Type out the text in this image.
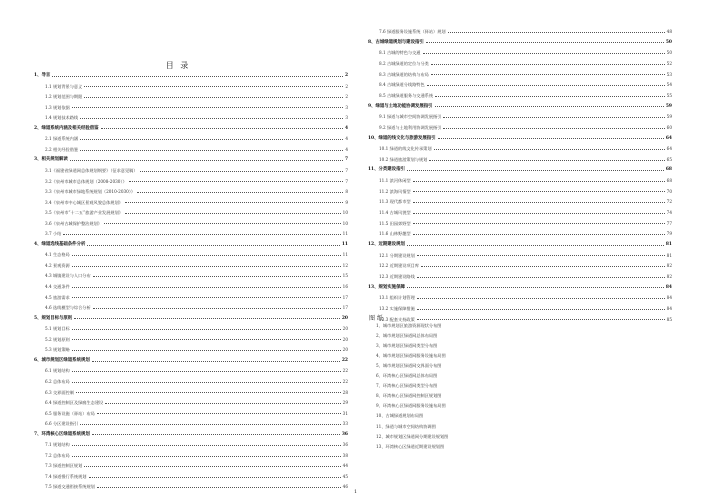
目 录
1、导言	2
1.1 规划背景与意义	2
1.2 规划范围与期限	2
1.3 规划依据	3
1.4 规划技术路线	3
2、绿道系统内涵及相关经验借鉴	4
2.1 绿道系统内涵	4
2.2 相关经验借鉴	4
3、相关规划解读	7
3.1《福建省绿道网总体规划纲要》（征求意见稿）	7
3.2《泉州市城市总体规划（2008-2030）》	7
3.3《泉州市城市绿地系统规划（2010-2030）》	8
3.4《泉州市中心城区景观风貌总体规划》	9
3.5《泉州市“十二五”旅游产业发展规划》	10
3.6《泉州古城保护整治规划》	10
3.7 小结	11
4、绿道选线基础条件分析	11
4.1 生态格局	11
4.2 景观资源	12
4.3 城镇建设与人口分布	15
4.4 交通条件	16
4.5 旅游需求	17
4.6 选线模型与综合分析	17
5、规划目标与原则	20
5.1 规划目标	20
5.2 规划原则	20
5.3 规划策略	20
6、城市规划区绿道系统规划	22
6.1 规划结构	22
6.2 总体布局	22
6.3 交界面控制	28
6.4 绿道控制区及绿廊生态建设	29
6.5 服务设施（驿站）布局	31
6.6 分区建设指引	33
7、环湾核心区绿道系统规划	36
7.1 规划结构	36
7.2 总体布局	38
7.3 绿道控制区规划	44
7.4 绿道慢行系统规划	45
7.5 绿道交通衔接系统规划	46
7.6 绿道服务设施系统（驿站）规划	48
8、古城绿道规划与建设指引	50
8.1 古城的特色与交通	50
8.2 古城绿道的定位与分类	52
8.3 古城绿道的结构与布局	53
8.4 古城绿道分线路特色	54
8.5 古城绿道服务与交通系统	55
9、绿道与土地功能协调发展指引	59
9.1 绿道与城市空间协调发展指引	59
9.2 绿道与土地利用协调发展指引	60
10、绿道的线文化与旅游发展指引	64
10.1 绿道的线文化传承策划	64
10.2 绿道旅游策划与规划	65
11、分类建设指引	68
11.1 滨河休闲型	68
11.2 滨海风情型	70
11.3 现代都市型	72
11.4 古城风貌型	74
11.5 田园郊野型	77
11.6 山林野趣型	79
12、近期建设规划	81
12.1 分期建设规划	81
12.2 近期建设项目库	82
12.3 近期建设路线	82
13、规划实施保障	84
13.1 组织计划管理	84
13.2 实施保障措施	84
13.3 配套支持政策	85
图 纸
1、城市规划区旅游资源现状分布图
2、城市规划区绿道网总体布局图
3、城市规划区绿道网类型分布图
4、城市规划区绿道网服务设施布局图
5、城市规划区绿道网交界面分布图
6、环湾核心区绿道网总体布局图
7、环湾核心区绿道网类型分布图
8、环湾核心区绿道网控制区规划图
9、环湾核心区绿道网服务设施布局图
10、古城绿道规划布局图
11、绿道与城市空间结构协调图
12、城市规划区绿道网分期建设规划图
13、环湾核心区绿道近期建设规划图
1
